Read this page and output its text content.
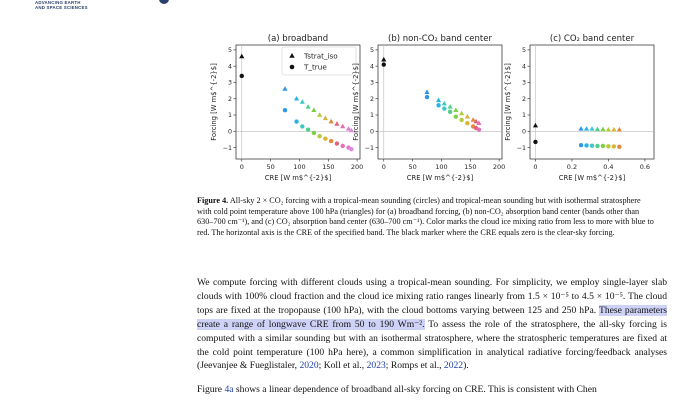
ADVANCING EARTH
AND SPACE SCIENCES
(a) broadband
0	50	100	150	200
5
4
3
2
1
0
−1
CRE [W m$^{-2}$]
Forcing [W m$^{-2}$]
Tstrat_iso
T_true
(b) non-CO₂ band center
0	50	100	150	200
5
4
3
2
1
0
−1
CRE [W m$^{-2}$]
Forcing [W m$^{-2}$]
(c) CO₂ band center
0	0.2	0.4	0.6
5
4
3
2
1
0
−1
CRE [W m$^{-2}$]
Forcing [W m$^{-2}$]
Figure 4. All-sky 2 × CO₂ forcing with a tropical-mean sounding (circles) and tropical-mean sounding but with isothermal stratosphere with cold point temperature above 100 hPa (triangles) for (a) broadband forcing, (b) non-CO₂ absorption band center (bands other than 630–700 cm⁻¹), and (c) CO₂ absorption band center (630–700 cm⁻¹). Color marks the cloud ice mixing ratio from less to more with blue to red. The horizontal axis is the CRE of the specified band. The black marker where the CRE equals zero is the clear-sky forcing.
We compute forcing with different clouds using a tropical-mean sounding. For simplicity, we employ single-layer slab clouds with 100% cloud fraction and the cloud ice mixing ratio ranges linearly from 1.5 × 10⁻⁵ to 4.5 × 10⁻⁵. The cloud tops are fixed at the tropopause (100 hPa), with the cloud bottoms varying between 125 and 250 hPa. These parameters create a range of longwave CRE from 50 to 190 Wm⁻². To assess the role of the stratosphere, the all-sky forcing is computed with a similar sounding but with an isothermal stratosphere, where the stratospheric temperatures are fixed at the cold point temperature (100 hPa here), a common simplification in analytical radiative forcing/feedback analyses (Jeevanjee & Fueglistaler, 2020; Koll et al., 2023; Romps et al., 2022).
Figure 4a shows a linear dependence of broadband all-sky forcing on CRE. This is consistent with Chen
